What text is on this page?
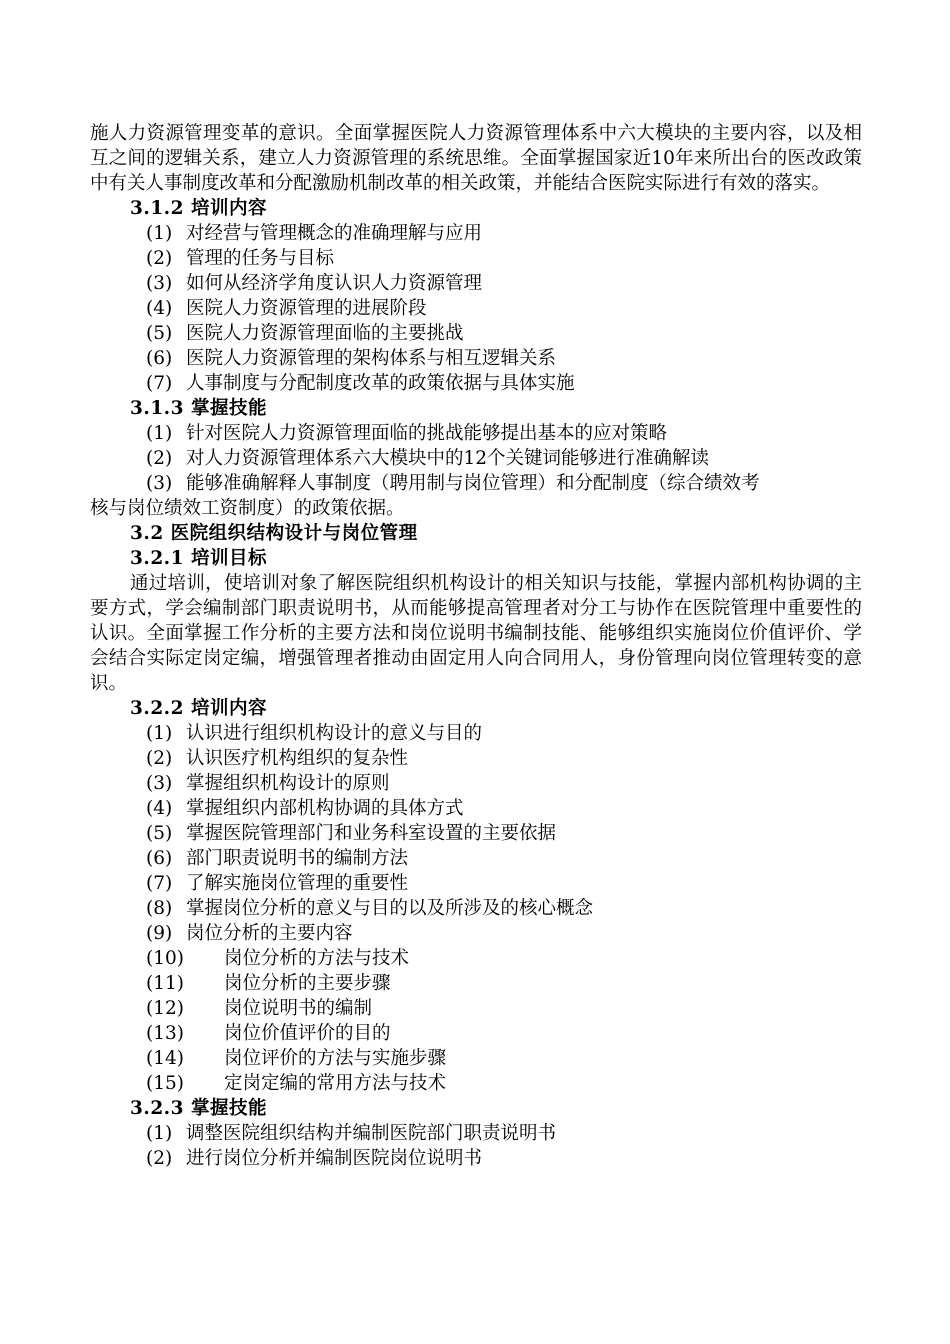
施人力资源管理变革的意识。全面掌握医院人力资源管理体系中六大模块的主要内容，以及相互之间的逻辑关系，建立人力资源管理的系统思维。全面掌握国家近10年来所出台的医改政策中有关人事制度改革和分配激励机制改革的相关政策，并能结合医院实际进行有效的落实。

3.1.2 培训内容

(1) 对经营与管理概念的准确理解与应用

(2) 管理的任务与目标

(3) 如何从经济学角度认识人力资源管理

(4) 医院人力资源管理的进展阶段

(5) 医院人力资源管理面临的主要挑战

(6) 医院人力资源管理的架构体系与相互逻辑关系

(7) 人事制度与分配制度改革的政策依据与具体实施

3.1.3 掌握技能

(1) 针对医院人力资源管理面临的挑战能够提出基本的应对策略

(2) 对人力资源管理体系六大模块中的12个关键词能够进行准确解读

(3) 能够准确解释人事制度（聘用制与岗位管理）和分配制度（综合绩效考

核与岗位绩效工资制度）的政策依据。

3.2 医院组织结构设计与岗位管理

3.2.1 培训目标

通过培训，使培训对象了解医院组织机构设计的相关知识与技能，掌握内部机构协调的主要方式，学会编制部门职责说明书，从而能够提高管理者对分工与协作在医院管理中重要性的认识。全面掌握工作分析的主要方法和岗位说明书编制技能、能够组织实施岗位价值评价、学会结合实际定岗定编，增强管理者推动由固定用人向合同用人，身份管理向岗位管理转变的意识。

3.2.2 培训内容

(1) 认识进行组织机构设计的意义与目的

(2) 认识医疗机构组织的复杂性

(3) 掌握组织机构设计的原则

(4) 掌握组织内部机构协调的具体方式

(5) 掌握医院管理部门和业务科室设置的主要依据

(6) 部门职责说明书的编制方法

(7) 了解实施岗位管理的重要性

(8) 掌握岗位分析的意义与目的以及所涉及的核心概念

(9) 岗位分析的主要内容

(10) 岗位分析的方法与技术

(11) 岗位分析的主要步骤

(12) 岗位说明书的编制

(13) 岗位价值评价的目的

(14) 岗位评价的方法与实施步骤

(15) 定岗定编的常用方法与技术

3.2.3 掌握技能

(1) 调整医院组织结构并编制医院部门职责说明书

(2) 进行岗位分析并编制医院岗位说明书
